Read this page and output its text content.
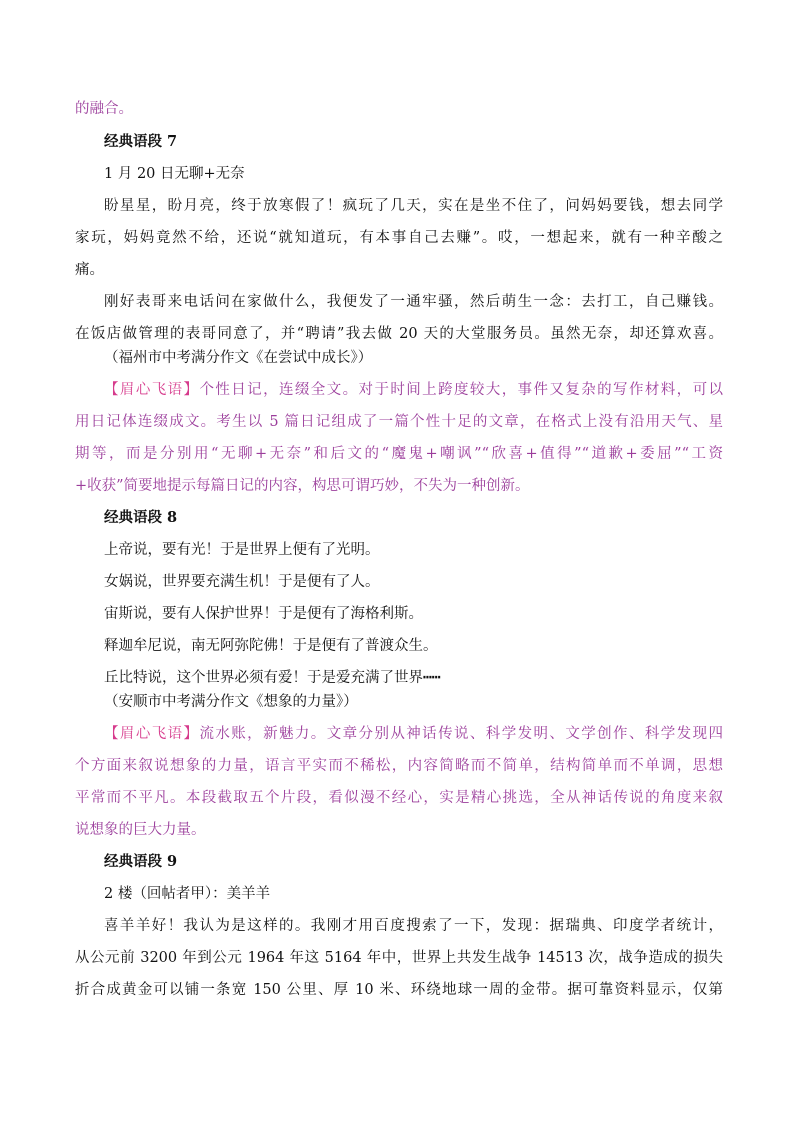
的融合。
经典语段 7
1 月 20 日无聊+无奈
盼星星，盼月亮，终于放寒假了！疯玩了几天，实在是坐不住了，问妈妈要钱，想去同学
家玩，妈妈竟然不给，还说“就知道玩，有本事自己去赚”。哎，一想起来，就有一种辛酸之
痛。
刚好表哥来电话问在家做什么，我便发了一通牢骚，然后萌生一念：去打工，自己赚钱。
在饭店做管理的表哥同意了，并“聘请”我去做 20 天的大堂服务员。虽然无奈，却还算欢喜。
（福州市中考满分作文《在尝试中成长》）
【眉心飞语】个性日记，连缀全文。对于时间上跨度较大，事件又复杂的写作材料，可以
用日记体连缀成文。考生以 5 篇日记组成了一篇个性十足的文章，在格式上没有沿用天气、星
期等，而是分别用“无聊+无奈”和后文的“魔鬼+嘲讽”“欣喜+值得”“道歉+委屈”“工资
+收获”简要地提示每篇日记的内容，构思可谓巧妙，不失为一种创新。
经典语段 8
上帝说，要有光！于是世界上便有了光明。
女娲说，世界要充满生机！于是便有了人。
宙斯说，要有人保护世界！于是便有了海格利斯。
释迦牟尼说，南无阿弥陀佛！于是便有了普渡众生。
丘比特说，这个世界必须有爱！于是爱充满了世界┅┅
（安顺市中考满分作文《想象的力量》）
【眉心飞语】流水账，新魅力。文章分别从神话传说、科学发明、文学创作、科学发现四
个方面来叙说想象的力量，语言平实而不稀松，内容简略而不简单，结构简单而不单调，思想
平常而不平凡。本段截取五个片段，看似漫不经心，实是精心挑选，全从神话传说的角度来叙
说想象的巨大力量。
经典语段 9
2 楼（回帖者甲）：美羊羊
喜羊羊好！我认为是这样的。我刚才用百度搜索了一下，发现：据瑞典、印度学者统计，
从公元前 3200 年到公元 1964 年这 5164 年中，世界上共发生战争 14513 次，战争造成的损失
折合成黄金可以铺一条宽 150 公里、厚 10 米、环绕地球一周的金带。据可靠资料显示，仅第
